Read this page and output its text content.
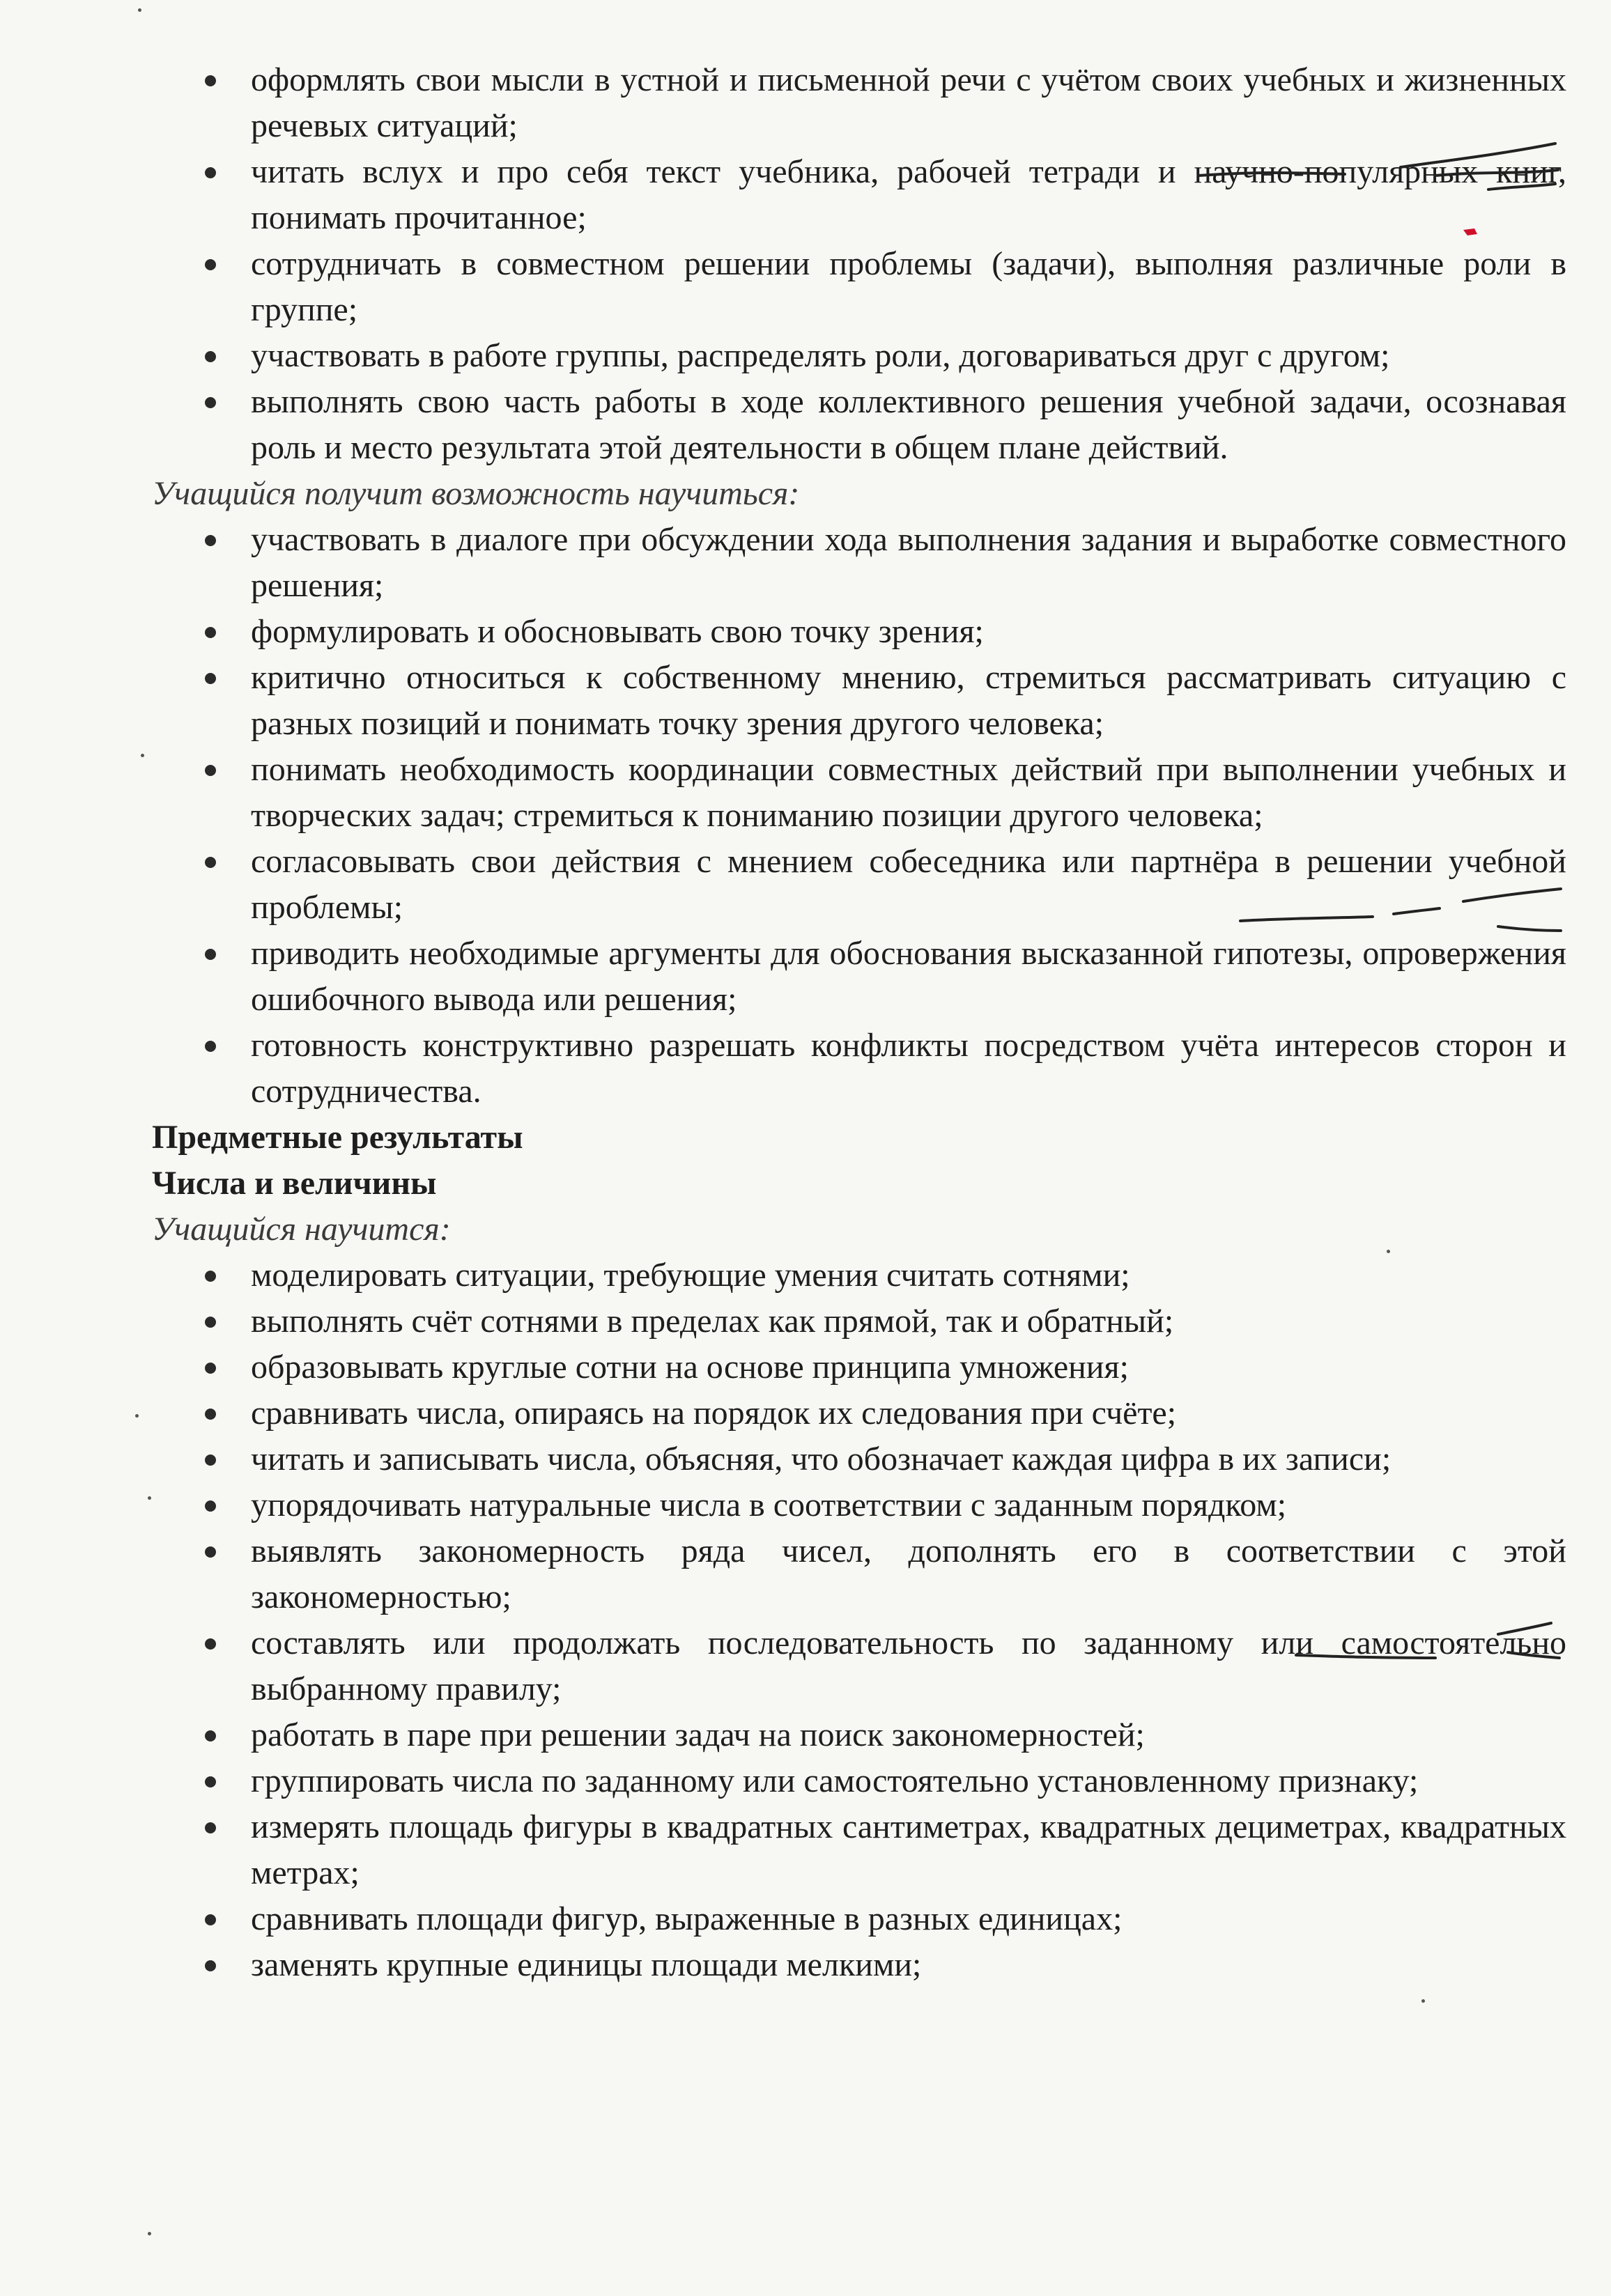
оформлять свои мысли в устной и письменной речи с учётом своих учебных и жизненных речевых ситуаций;
читать вслух и про себя текст учебника, рабочей тетради и научно-популярных книг, понимать прочитанное;
сотрудничать в совместном решении проблемы (задачи), выполняя различные роли в группе;
участвовать в работе группы, распределять роли, договариваться друг с другом;
выполнять свою часть работы в ходе коллективного решения учебной задачи, осознавая роль и место результата этой деятельности в общем плане действий.

Учащийся получит возможность научиться:

участвовать в диалоге при обсуждении хода выполнения задания и выработке совместного решения;
формулировать и обосновывать свою точку зрения;
критично относиться к собственному мнению, стремиться рассматривать ситуацию с разных позиций и понимать точку зрения другого человека;
понимать необходимость координации совместных действий при выполнении учебных и творческих задач; стремиться к пониманию позиции другого человека;
согласовывать свои действия с мнением собеседника или партнёра в решении учебной проблемы;
приводить необходимые аргументы для обоснования высказанной гипотезы, опровержения ошибочного вывода или решения;
готовность конструктивно разрешать конфликты посредством учёта интересов сторон и сотрудничества.

Предметные результаты

Числа и величины

Учащийся научится:

моделировать ситуации, требующие умения считать сотнями;
выполнять счёт сотнями в пределах как прямой, так и обратный;
образовывать круглые сотни на основе принципа умножения;
сравнивать числа, опираясь на порядок их следования при счёте;
читать и записывать числа, объясняя, что обозначает каждая цифра в их записи;
упорядочивать натуральные числа в соответствии с заданным порядком;
выявлять закономерность ряда чисел, дополнять его в соответствии с этой закономерностью;
составлять или продолжать последовательность по заданному или самостоятельно выбранному правилу;
работать в паре при решении задач на поиск закономерностей;
группировать числа по заданному или самостоятельно установленному признаку;
измерять площадь фигуры в квадратных сантиметрах, квадратных дециметрах, квадратных метрах;
сравнивать площади фигур, выраженные в разных единицах;
заменять крупные единицы площади мелкими;
